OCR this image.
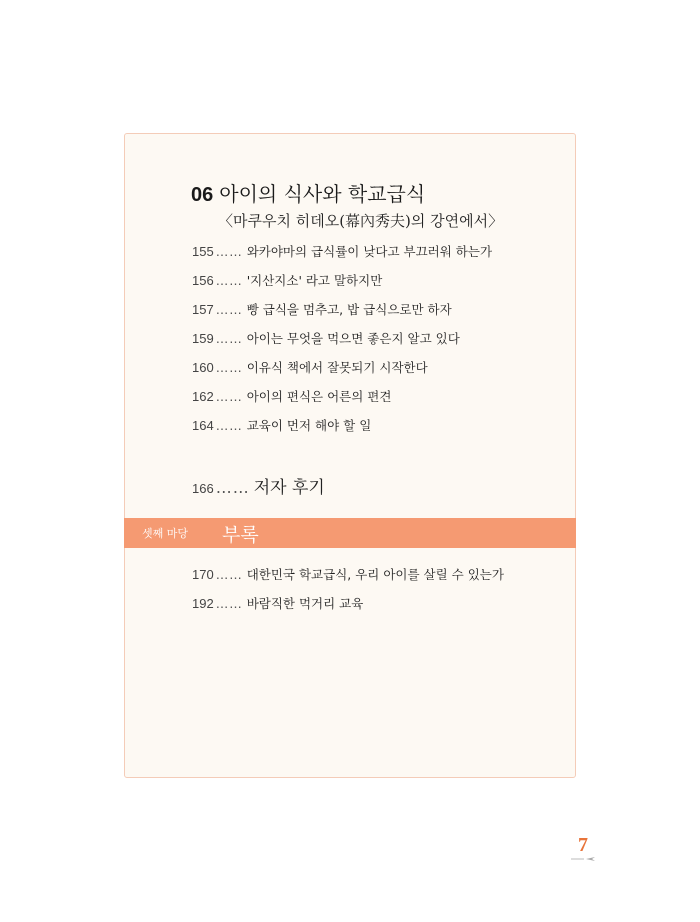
06 아이의 식사와 학교급식
〈마쿠우치 히데오(幕內秀夫)의 강연에서〉
155 …… 와카야마의 급식률이 낮다고 부끄러워 하는가
156 …… '지산지소' 라고 말하지만
157 …… 빵 급식을 멈추고, 밥 급식으로만 하자
159 …… 아이는 무엇을 먹으면 좋은지 알고 있다
160 …… 이유식 책에서 잘못되기 시작한다
162 …… 아이의 편식은 어른의 편견
164 …… 교육이 먼저 해야 할 일
166 …… 저자 후기
셋째 마당 부록
170 …… 대한민국 학교급식, 우리 아이를 살릴 수 있는가
192 …… 바람직한 먹거리 교육
7
